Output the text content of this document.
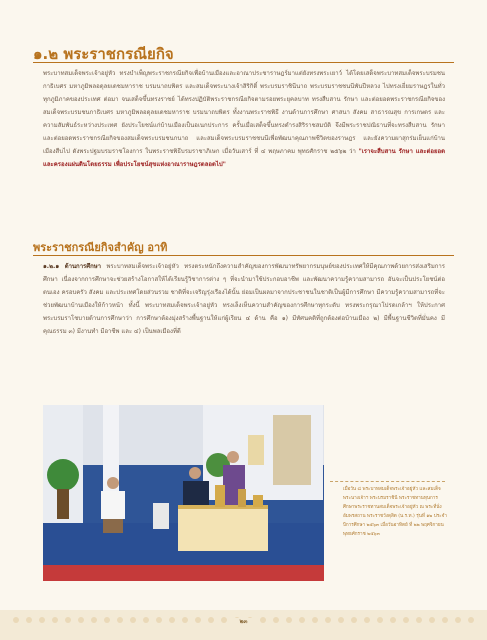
๑.๒ พระราชกรณียกิจ

พระบาทสมเด็จพระเจ้าอยู่หัว ทรงบำเพ็ญพระราชกรณียกิจเพื่อบ้านเมืองและอาณาประชาราษฎร์มาแต่ยังทรงพระเยาว์ ได้โดยเสด็จพระบาทสมเด็จพระบรมชนกาธิเบศร มหาภูมิพลอดุลยเดชมหาราช บรมนาถบพิตร และสมเด็จพระนางเจ้าสิริกิติ์ พระบรมราชินีนาถ พระบรมราชชนนีพันปีหลวง ไปทรงเยี่ยมราษฎรในทั่วทุกภูมิภาคของประเทศ ต่อมา จนเสด็จขึ้นทรงราชย์ ได้ทรงปฏิบัติพระราชกรณียกิจตามรอยพระยุคลบาท ทรงสืบสาน รักษา และต่อยอดพระราชกรณียกิจของสมเด็จพระบรมชนกาธิเบศร มหาภูมิพลอดุลยเดชมหาราช บรมนาถบพิตร ทั้งงานพระราชพิธี งานด้านการศึกษา ศาสนา สังคม สาธารณสุข การเกษตร และความสัมพันธ์ระหว่างประเทศ ยังประโยชน์แก่บ้านเมืองเป็นอเนกประการ ครั้นเมื่อเสด็จขึ้นทรงดำรงสิริราชสมบัติ จึงมีพระราชปณิธานที่จะทรงสืบสาน รักษา และต่อยอดพระราชกรณียกิจของสมเด็จพระบรมชนกนาถ และสมเด็จพระบรมราชชนนีเพื่อพัฒนาคุณภาพชีวิตของราษฎร และยังความผาสุกร่มเย็นแก่บ้านเมืองสืบไป ดังพระปฐมบรมราชโองการ ในพระราชพิธีบรมราชาภิเษก เมื่อวันเสาร์ ที่ ๔ พฤษภาคม พุทธศักราช ๒๕๖๒ ว่า "เราจะสืบสาน รักษา และต่อยอด และครองแผ่นดินโดยธรรม เพื่อประโยชน์สุขแห่งอาณาราษฎรตลอดไป"

พระราชกรณียกิจสำคัญ อาทิ

๑.๒.๑ ด้านการศึกษา พระบาทสมเด็จพระเจ้าอยู่หัว ทรงตระหนักถึงความสำคัญของการพัฒนาทรัพยากรมนุษย์ของประเทศให้มีคุณภาพด้วยการส่งเสริมการศึกษา เนื่องจากการศึกษาจะช่วยสร้างโอกาสให้ได้เรียนรู้วิชาการต่าง ๆ ที่จะนำมาใช้ประกอบอาชีพ และพัฒนาความรู้ความสามารถ อันจะเป็นประโยชน์ต่อตนเอง ครอบครัว สังคม และประเทศโดยส่วนรวม ชาติที่จะเจริญรุ่งเรืองได้นั้น ย่อมเป็นผลมาจากประชาชนในชาติเป็นผู้มีการศึกษา มีความรู้ความสามารถที่จะช่วยพัฒนาบ้านเมืองให้ก้าวหน้า ทั้งนี้ พระบาทสมเด็จพระเจ้าอยู่หัว ทรงเล็งเห็นความสำคัญของการศึกษาทุกระดับ ทรงพระกรุณาโปรดเกล้าฯ ให้ประกาศพระบรมราโชบายด้านการศึกษาว่า การศึกษาต้องมุ่งสร้างพื้นฐานให้แก่ผู้เรียน ๔ ด้าน คือ ๑) มีทัศนคติที่ถูกต้องต่อบ้านเมือง ๒) มีพื้นฐานชีวิตที่มั่นคง มีคุณธรรม ๓) มีงานทำ มีอาชีพ และ ๔) เป็นพลเมืองที่ดี

เมื่อวัน ๘ พระบาทสมเด็จพระเจ้าอยู่หัว และสมเด็จพระนางเจ้าฯ พระบรมราชินี พระราชทานทุนการศึกษาพระราชทานสมเด็จพระเจ้าอยู่หัว ณ พระที่นั่งอัมพรสถาน พระราชวังดุสิต (น.ร.ท.) รุ่นที่ ๑๒ ประจำปีการศึกษา ๒๕๖๓ เมื่อวันอาทิตย์ ที่ ๒๒ พฤศจิกายน พุทธศักราช ๒๕๖๓

๒๓
